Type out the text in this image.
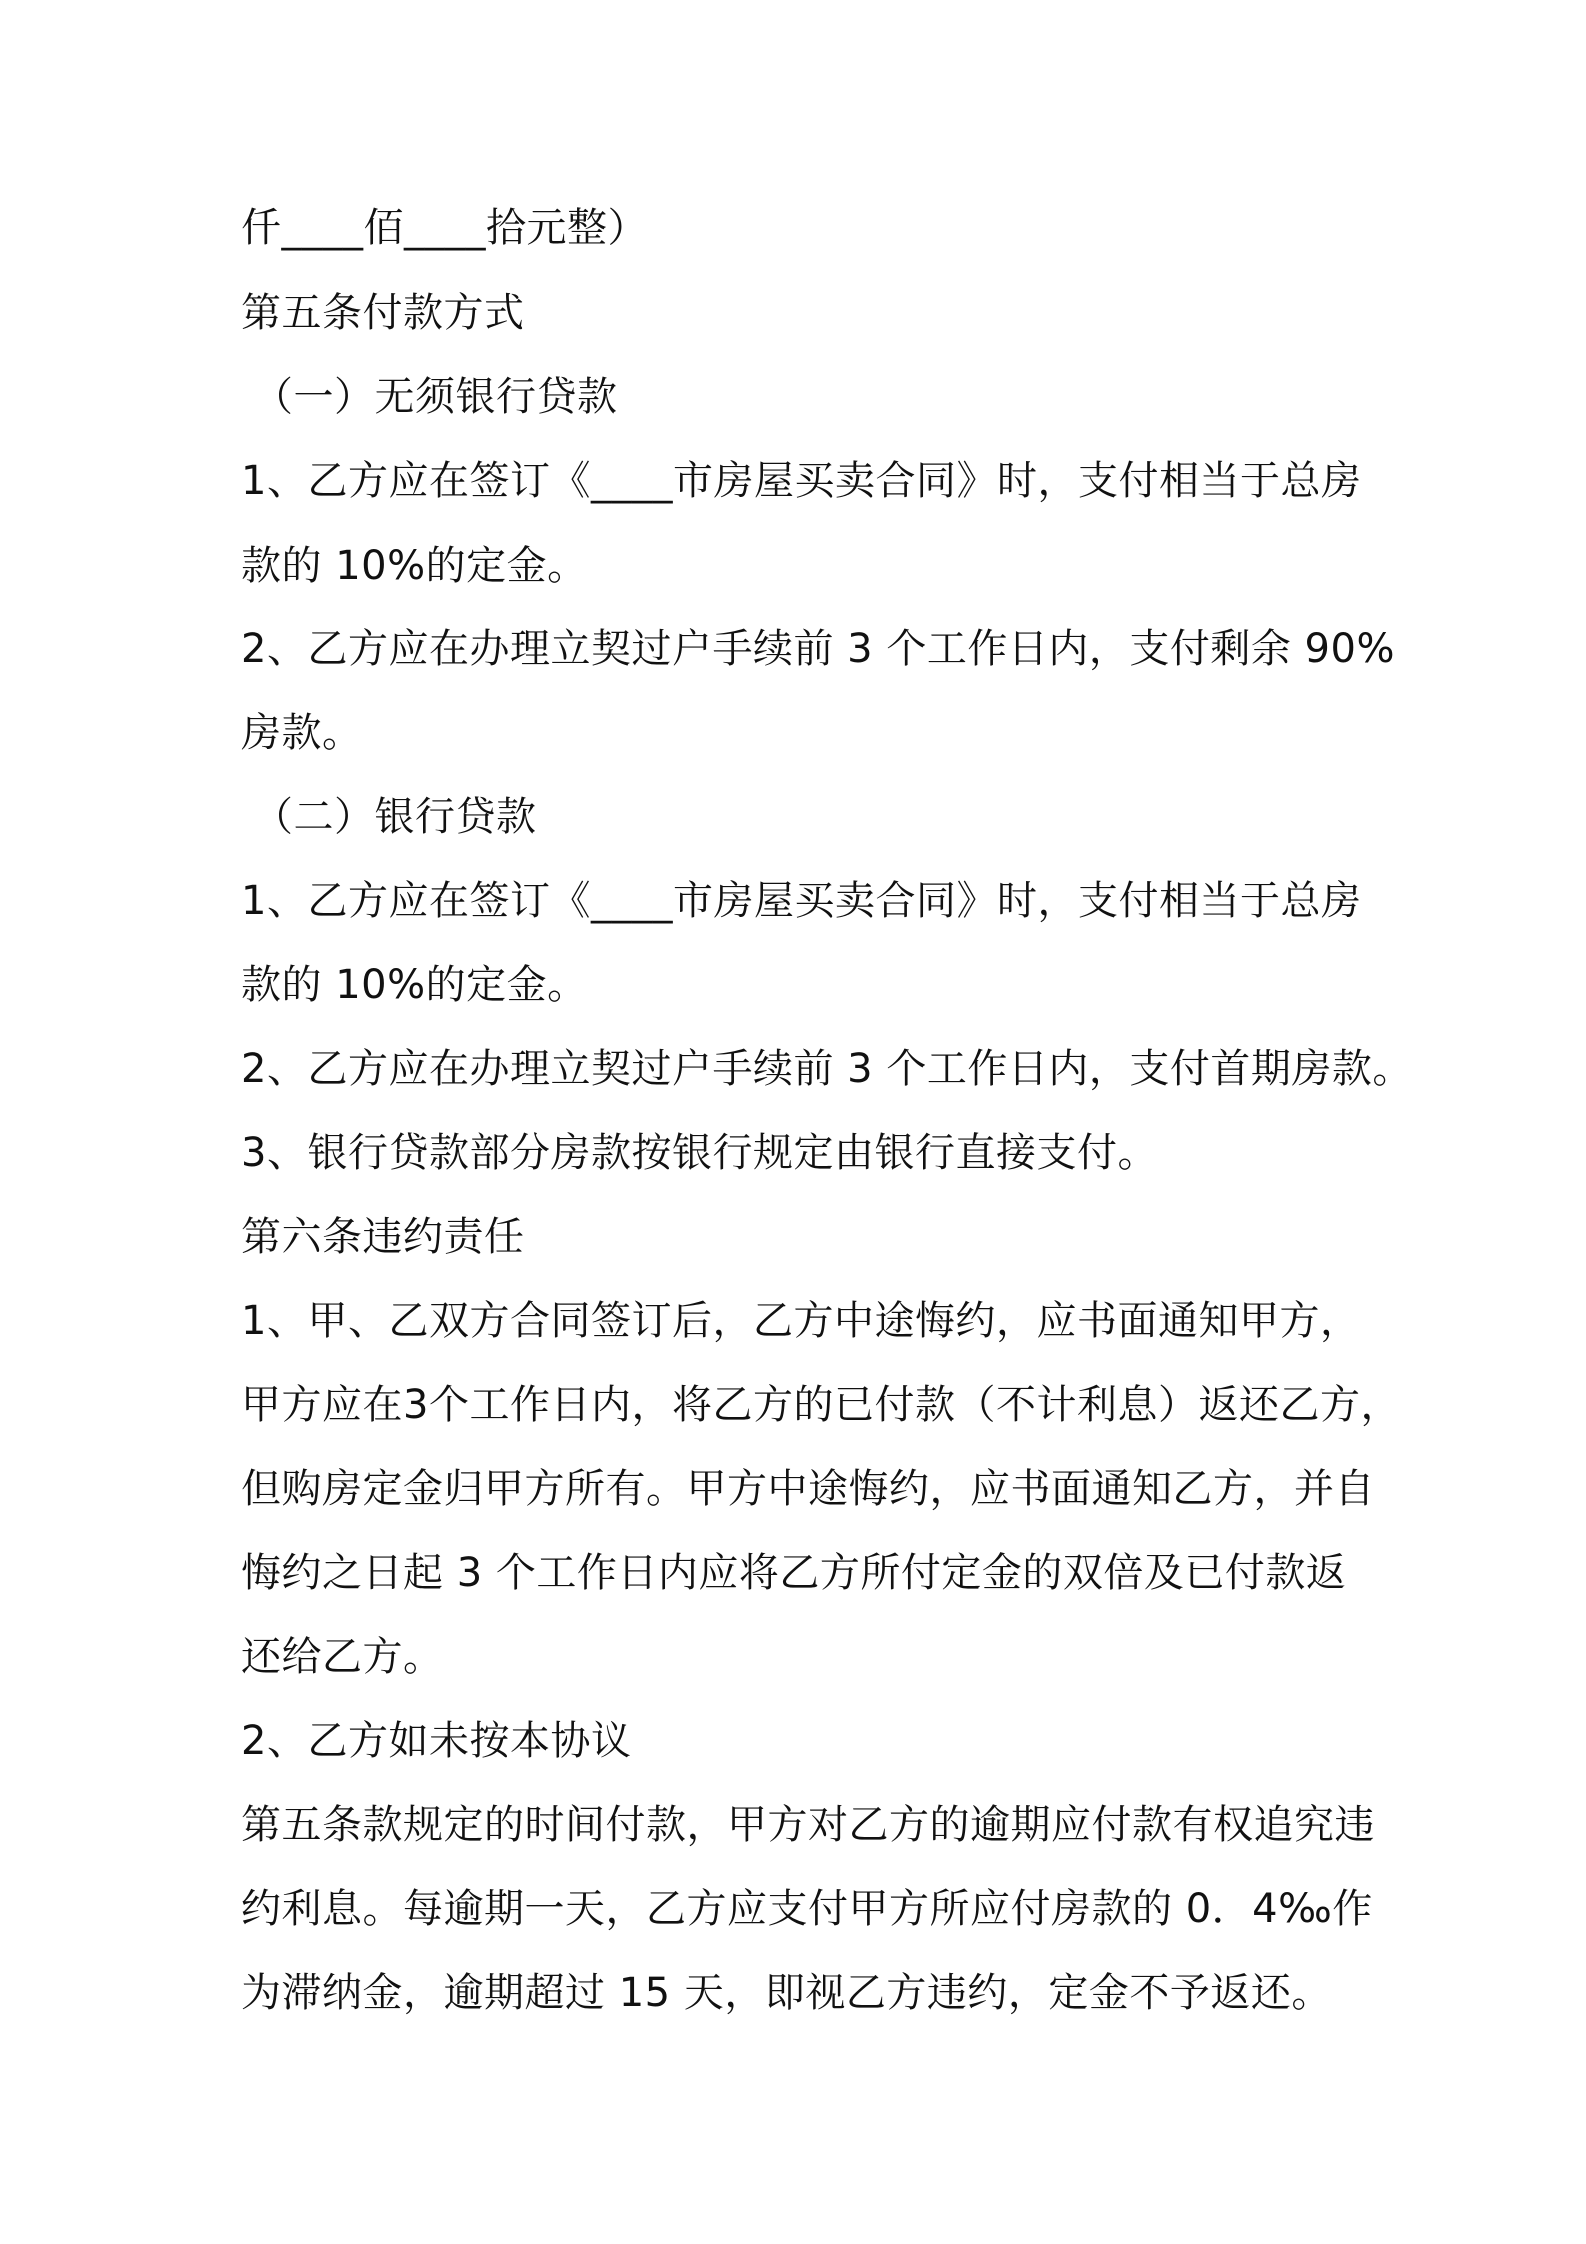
仟____佰____拾元整）
第五条付款方式
（一）无须银行贷款
1、乙方应在签订《____市房屋买卖合同》时，支付相当于总房
款的 10%的定金。
2、乙方应在办理立契过户手续前 3 个工作日内，支付剩余 90%
房款。
（二）银行贷款
1、乙方应在签订《____市房屋买卖合同》时，支付相当于总房
款的 10%的定金。
2、乙方应在办理立契过户手续前 3 个工作日内，支付首期房款。
3、银行贷款部分房款按银行规定由银行直接支付。
第六条违约责任
1、甲、乙双方合同签订后，乙方中途悔约，应书面通知甲方，
甲方应在3个工作日内，将乙方的已付款（不计利息）返还乙方，
但购房定金归甲方所有。甲方中途悔约，应书面通知乙方，并自
悔约之日起 3 个工作日内应将乙方所付定金的双倍及已付款返
还给乙方。
2、乙方如未按本协议
第五条款规定的时间付款，甲方对乙方的逾期应付款有权追究违
约利息。每逾期一天，乙方应支付甲方所应付房款的 0．4‰作
为滞纳金，逾期超过 15 天，即视乙方违约，定金不予返还。
